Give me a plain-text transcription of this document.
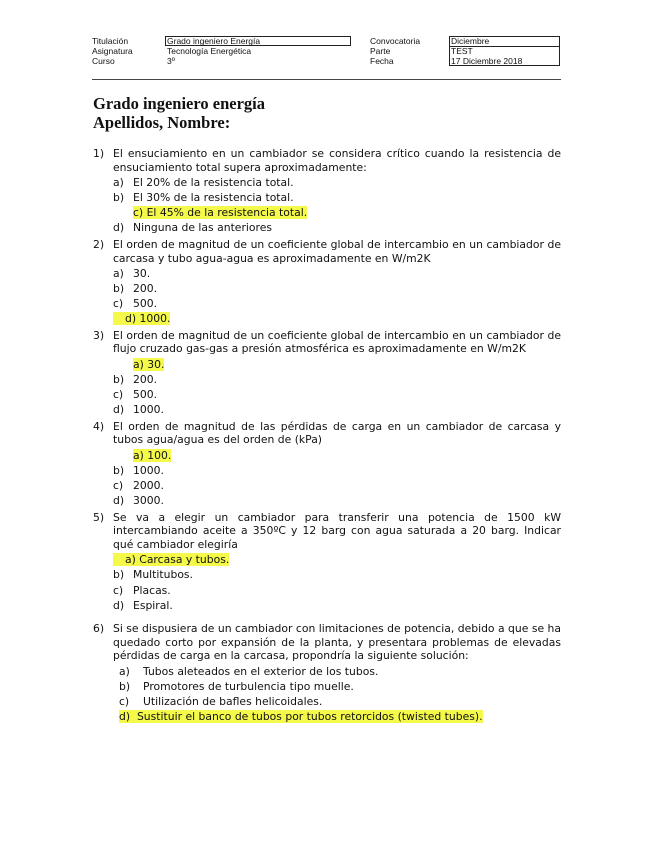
Titulación	Grado ingeniero Energía	Convocatoria	Diciembre
Asignatura	Tecnología Energética	Parte	TEST
Curso	3º	Fecha	17 Diciembre 2018
Grado ingeniero energía
Apellidos, Nombre:
1) El ensuciamiento en un cambiador se considera crítico cuando la resistencia de ensuciamiento total supera aproximadamente:
a) El 20% de la resistencia total.
b) El 30% de la resistencia total.
c) El 45% de la resistencia total.
d) Ninguna de las anteriores
2) El orden de magnitud de un coeficiente global de intercambio en un cambiador de carcasa y tubo agua-agua es aproximadamente en W/m2K
a) 30.
b) 200.
c) 500.
d) 1000.
3) El orden de magnitud de un coeficiente global de intercambio en un cambiador de flujo cruzado gas-gas a presión atmosférica es aproximadamente en W/m2K
a) 30.
b) 200.
c) 500.
d) 1000.
4) El orden de magnitud de las pérdidas de carga en un cambiador de carcasa y tubos agua/agua es del orden de (kPa)
a) 100.
b) 1000.
c) 2000.
d) 3000.
5) Se va a elegir un cambiador para transferir una potencia de 1500 kW intercambiando aceite a 350ºC y 12 barg con agua saturada a 20 barg. Indicar qué cambiador elegiría
a) Carcasa y tubos.
b) Multitubos.
c) Placas.
d) Espiral.
6) Si se dispusiera de un cambiador con limitaciones de potencia, debido a que se ha quedado corto por expansión de la planta, y presentara problemas de elevadas pérdidas de carga en la carcasa, propondría la siguiente solución:
a) Tubos aleteados en el exterior de los tubos.
b) Promotores de turbulencia tipo muelle.
c) Utilización de bafles helicoidales.
d) Sustituir el banco de tubos por tubos retorcidos (twisted tubes).
